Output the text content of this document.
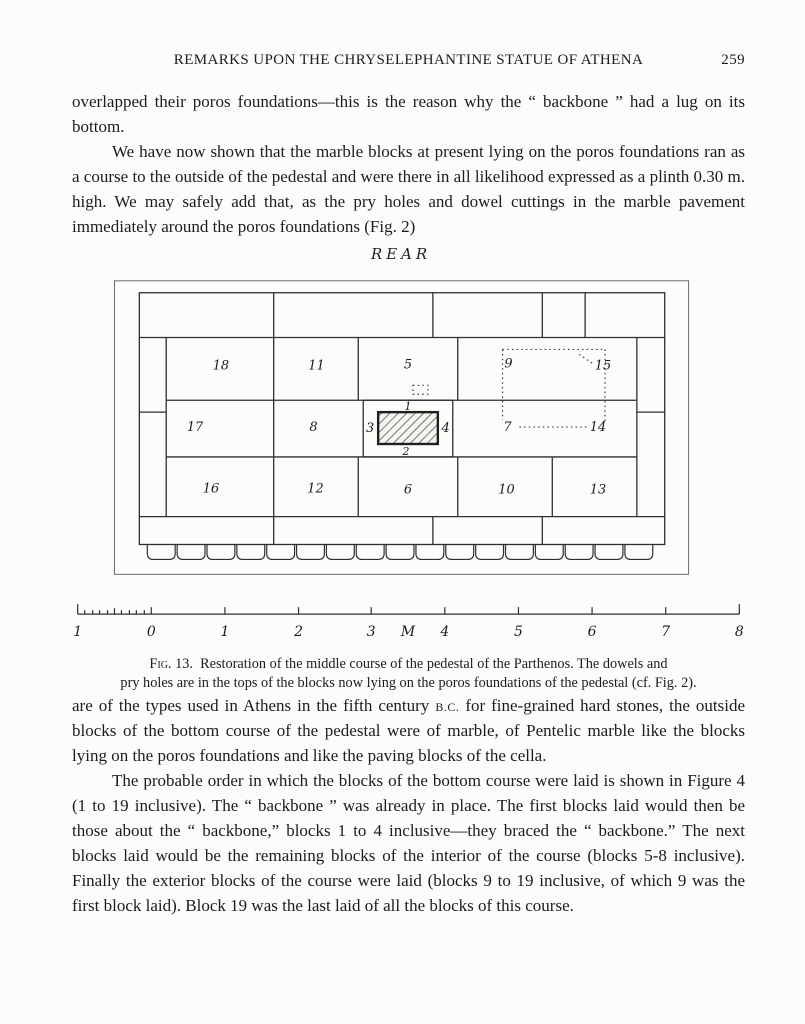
REMARKS UPON THE CHRYSELEPHANTINE STATUE OF ATHENA	259

overlapped their poros foundations—this is the reason why the “ backbone ” had a lug on its bottom.

We have now shown that the marble blocks at present lying on the poros foundations ran as a course to the outside of the pedestal and were there in all likelihood expressed as a plinth 0.30 m. high. We may safely add that, as the pry holes and dowel cuttings in the marble pavement immediately around the poros foundations (Fig. 2)

REAR
18	11	5	9	15
17	8	3
1
4	7	14
2
16	12	6	10	13
1	0	1	2	3 M 4	5	6	7	8
Fig. 13. Restoration of the middle course of the pedestal of the Parthenos. The dowels and
pry holes are in the tops of the blocks now lying on the poros foundations of the pedestal (cf. Fig. 2).

are of the types used in Athens in the fifth century B.C. for fine-grained hard stones, the outside blocks of the bottom course of the pedestal were of marble, of Pentelic marble like the blocks lying on the poros foundations and like the paving blocks of the cella.

The probable order in which the blocks of the bottom course were laid is shown in Figure 4 (1 to 19 inclusive). The “ backbone ” was already in place. The first blocks laid would then be those about the “ backbone,” blocks 1 to 4 inclusive—they braced the “ backbone.” The next blocks laid would be the remaining blocks of the interior of the course (blocks 5-8 inclusive). Finally the exterior blocks of the course were laid (blocks 9 to 19 inclusive, of which 9 was the first block laid). Block 19 was the last laid of all the blocks of this course.
